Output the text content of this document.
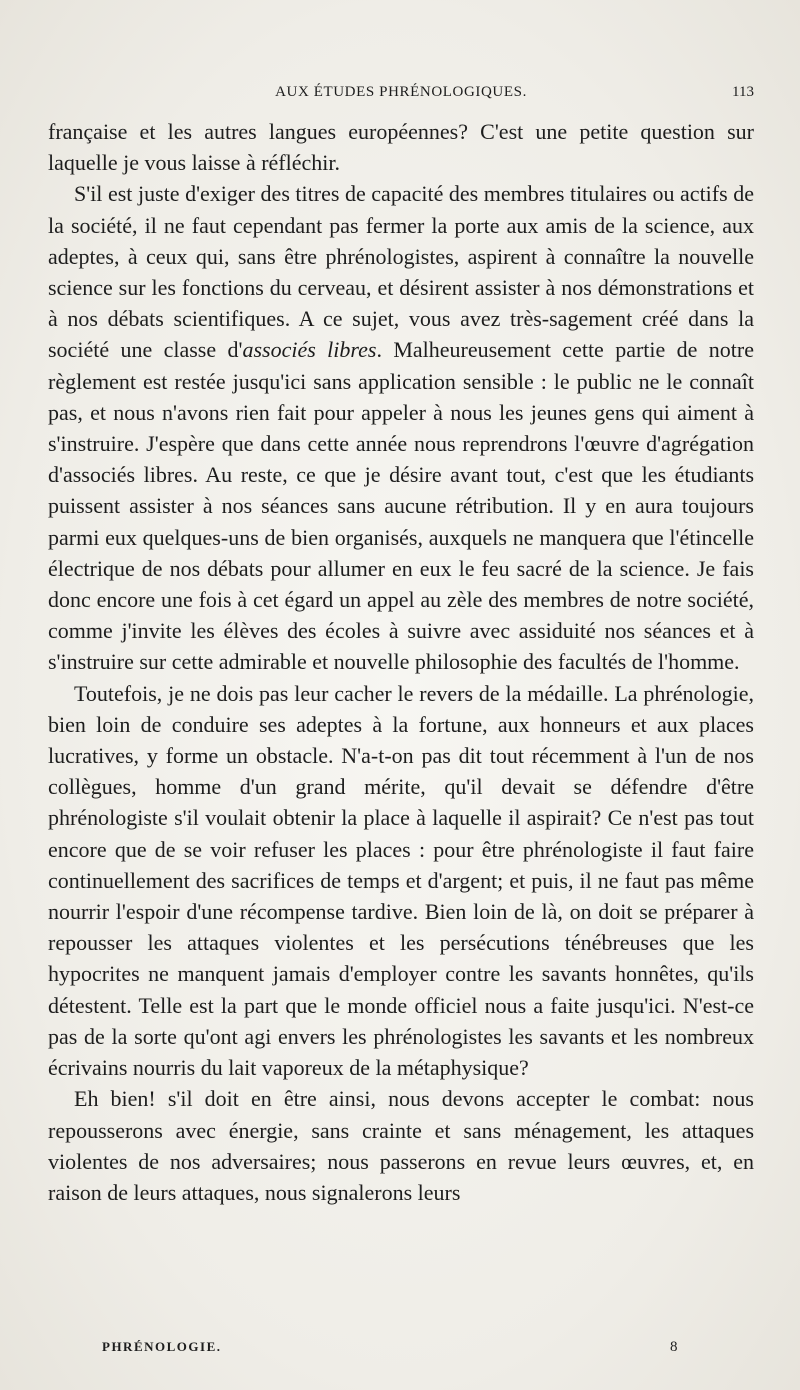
AUX ÉTUDES PHRÉNOLOGIQUES.	113

française et les autres langues européennes? C'est une petite question sur laquelle je vous laisse à réfléchir.

S'il est juste d'exiger des titres de capacité des membres titulaires ou actifs de la société, il ne faut cependant pas fermer la porte aux amis de la science, aux adeptes, à ceux qui, sans être phrénologistes, aspirent à connaître la nouvelle science sur les fonctions du cerveau, et désirent assister à nos démonstrations et à nos débats scientifiques. A ce sujet, vous avez très-sagement créé dans la société une classe d'associés libres. Malheureusement cette partie de notre règlement est restée jusqu'ici sans application sensible : le public ne le connaît pas, et nous n'avons rien fait pour appeler à nous les jeunes gens qui aiment à s'instruire. J'espère que dans cette année nous reprendrons l'œuvre d'agrégation d'associés libres. Au reste, ce que je désire avant tout, c'est que les étudiants puissent assister à nos séances sans aucune rétribution. Il y en aura toujours parmi eux quelques-uns de bien organisés, auxquels ne manquera que l'étincelle électrique de nos débats pour allumer en eux le feu sacré de la science. Je fais donc encore une fois à cet égard un appel au zèle des membres de notre société, comme j'invite les élèves des écoles à suivre avec assiduité nos séances et à s'instruire sur cette admirable et nouvelle philosophie des facultés de l'homme.

Toutefois, je ne dois pas leur cacher le revers de la médaille. La phrénologie, bien loin de conduire ses adeptes à la fortune, aux honneurs et aux places lucratives, y forme un obstacle. N'a-t-on pas dit tout récemment à l'un de nos collègues, homme d'un grand mérite, qu'il devait se défendre d'être phrénologiste s'il voulait obtenir la place à laquelle il aspirait? Ce n'est pas tout encore que de se voir refuser les places : pour être phrénologiste il faut faire continuellement des sacrifices de temps et d'argent; et puis, il ne faut pas même nourrir l'espoir d'une récompense tardive. Bien loin de là, on doit se préparer à repousser les attaques violentes et les persécutions ténébreuses que les hypocrites ne manquent jamais d'employer contre les savants honnêtes, qu'ils détestent. Telle est la part que le monde officiel nous a faite jusqu'ici. N'est-ce pas de la sorte qu'ont agi envers les phrénologistes les savants et les nombreux écrivains nourris du lait vaporeux de la métaphysique?

Eh bien! s'il doit en être ainsi, nous devons accepter le combat: nous repousserons avec énergie, sans crainte et sans ménagement, les attaques violentes de nos adversaires; nous passerons en revue leurs œuvres, et, en raison de leurs attaques, nous signalerons leurs

PHRÉNOLOGIE.	8
